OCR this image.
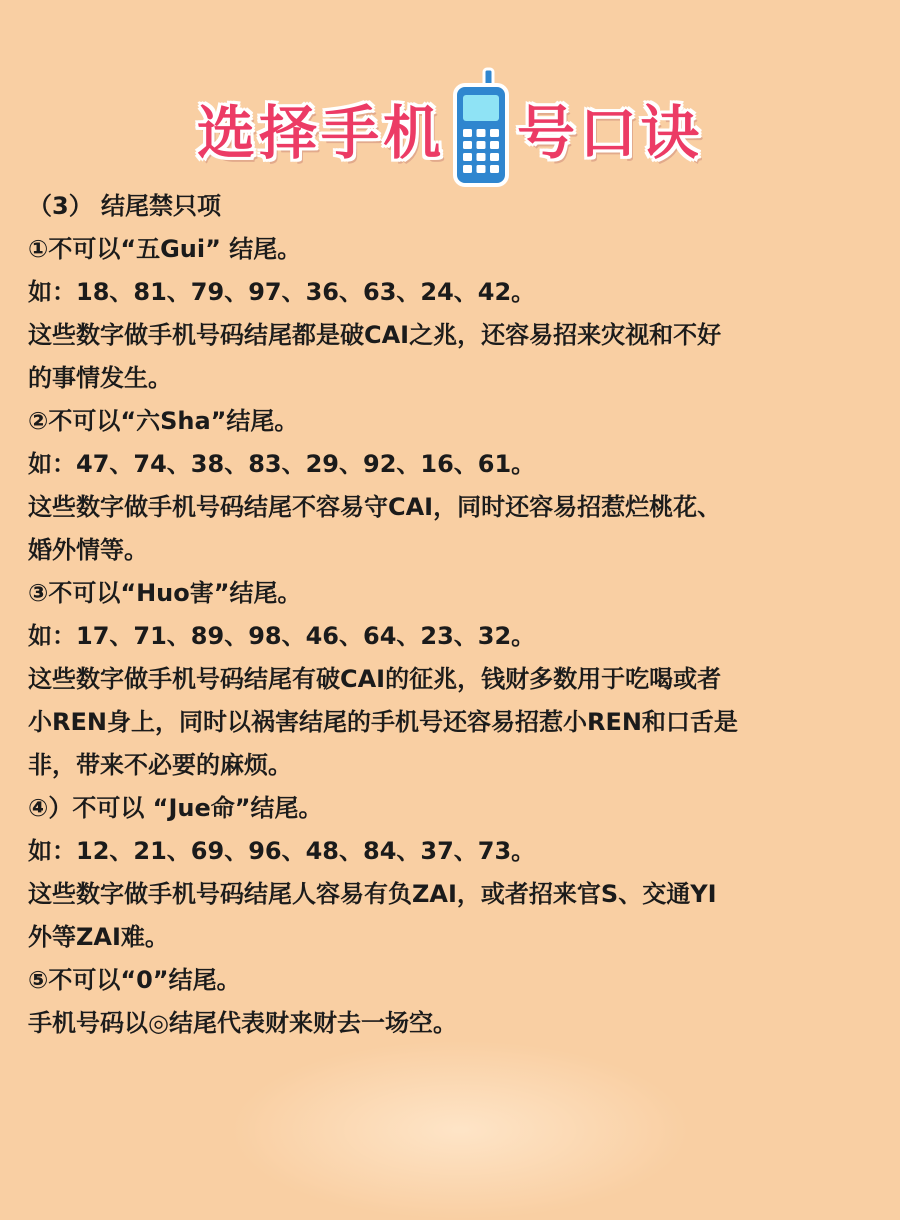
选择手机 号口诀
（3） 结尾禁只项
①不可以“五Gui” 结尾。
如：18、81、79、97、36、63、24、42。
这些数字做手机号码结尾都是破CAI之兆，还容易招来灾视和不好
的事情发生。
②不可以“六Sha”结尾。
如：47、74、38、83、29、92、16、61。
这些数字做手机号码结尾不容易守CAI，同时还容易招惹烂桃花、
婚外情等。
③不可以“Huo害”结尾。
如：17、71、89、98、46、64、23、32。
这些数字做手机号码结尾有破CAI的征兆，钱财多数用于吃喝或者
小REN身上，同时以祸害结尾的手机号还容易招惹小REN和口舌是
非，带来不必要的麻烦。
④）不可以 “Jue命”结尾。
如：12、21、69、96、48、84、37、73。
这些数字做手机号码结尾人容易有负ZAI，或者招来官S、交通YI
外等ZAI难。
⑤不可以“0”结尾。
手机号码以◎结尾代表财来财去一场空。
